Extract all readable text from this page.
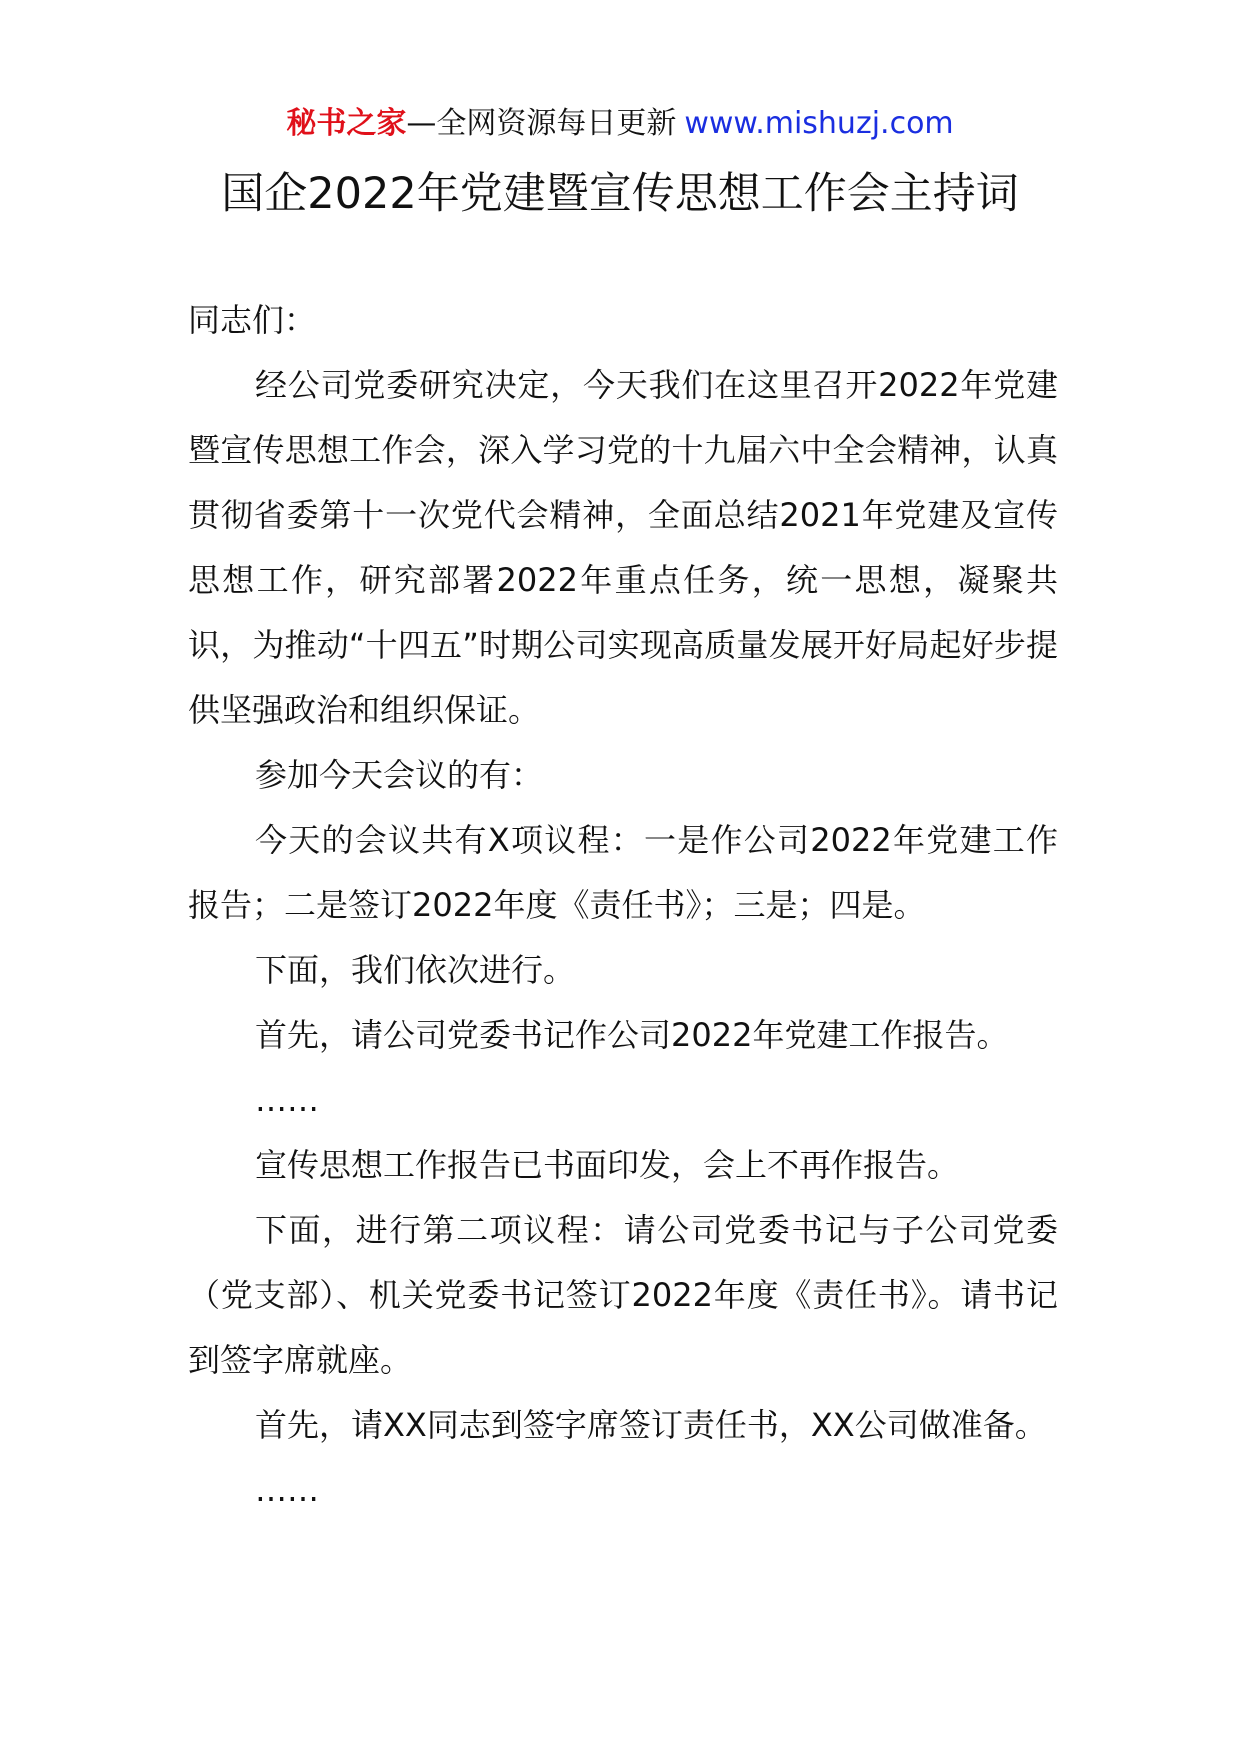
秘书之家—全网资源每日更新 www.mishuzj.com
国企2022年党建暨宣传思想工作会主持词

同志们：

经公司党委研究决定，今天我们在这里召开2022年党建暨宣传思想工作会，深入学习党的十九届六中全会精神，认真贯彻省委第十一次党代会精神，全面总结2021年党建及宣传思想工作，研究部署2022年重点任务，统一思想，凝聚共识，为推动“十四五”时期公司实现高质量发展开好局起好步提供坚强政治和组织保证。

参加今天会议的有：

今天的会议共有X项议程：一是作公司2022年党建工作报告；二是签订2022年度《责任书》；三是；四是。

下面，我们依次进行。

首先，请公司党委书记作公司2022年党建工作报告。

……

宣传思想工作报告已书面印发，会上不再作报告。

下面，进行第二项议程：请公司党委书记与子公司党委（党支部）、机关党委书记签订2022年度《责任书》。请书记到签字席就座。

首先，请XX同志到签字席签订责任书，XX公司做准备。

……
